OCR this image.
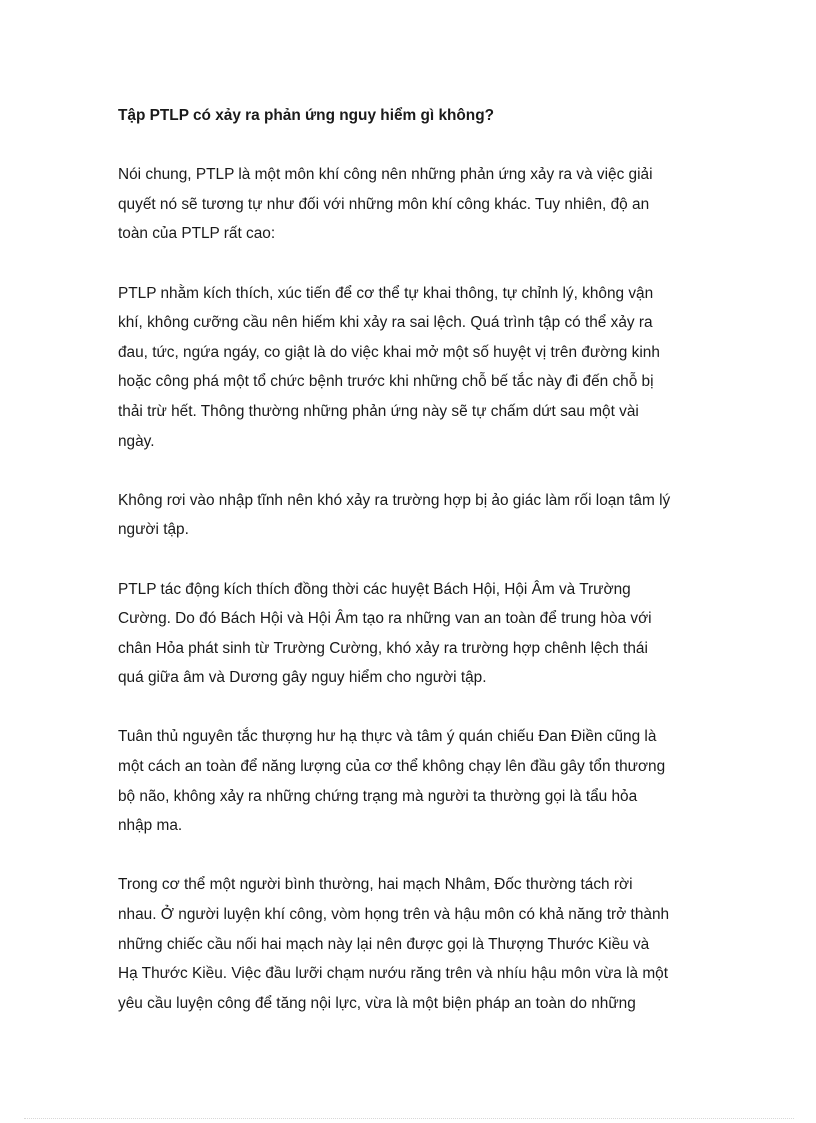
Tập PTLP có xảy ra phản ứng nguy hiểm gì không?
Nói chung, PTLP là một môn khí công nên những phản ứng xảy ra và việc giải
quyết nó sẽ tương tự như đối với những môn khí công khác. Tuy nhiên, độ an
toàn của PTLP rất cao:
PTLP nhằm kích thích, xúc tiến để cơ thể tự khai thông, tự chỉnh lý, không vận
khí, không cưỡng cầu nên hiếm khi xảy ra sai lệch. Quá trình tập có thể xảy ra
đau, tức, ngứa ngáy, co giật là do việc khai mở một số huyệt vị trên đường kinh
hoặc công phá một tổ chức bệnh trước khi những chỗ bế tắc này đi đến chỗ bị
thải trừ hết. Thông thường những phản ứng này sẽ tự chấm dứt sau một vài
ngày.
Không rơi vào nhập tĩnh nên khó xảy ra trường hợp bị ảo giác làm rối loạn tâm lý
người tập.
PTLP tác động kích thích đồng thời các huyệt Bách Hội, Hội Âm và Trường
Cường. Do đó Bách Hội và Hội Âm tạo ra những van an toàn để trung hòa với
chân Hỏa phát sinh từ Trường Cường, khó xảy ra trường hợp chênh lệch thái
quá giữa âm và Dương gây nguy hiểm cho người tập.
Tuân thủ nguyên tắc thượng hư hạ thực và tâm ý quán chiếu Đan Điền cũng là
một cách an toàn để năng lượng của cơ thể không chạy lên đầu gây tổn thương
bộ não, không xảy ra những chứng trạng mà người ta thường gọi là tẩu hỏa
nhập ma.
Trong cơ thể một người bình thường, hai mạch Nhâm, Đốc thường tách rời
nhau. Ở người luyện khí công, vòm họng trên và hậu môn có khả năng trở thành
những chiếc cầu nối hai mạch này lại nên được gọi là Thượng Thước Kiều và
Hạ Thước Kiều. Việc đầu lưỡi chạm nướu răng trên và nhíu hậu môn vừa là một
yêu cầu luyện công để tăng nội lực, vừa là một biện pháp an toàn do những
